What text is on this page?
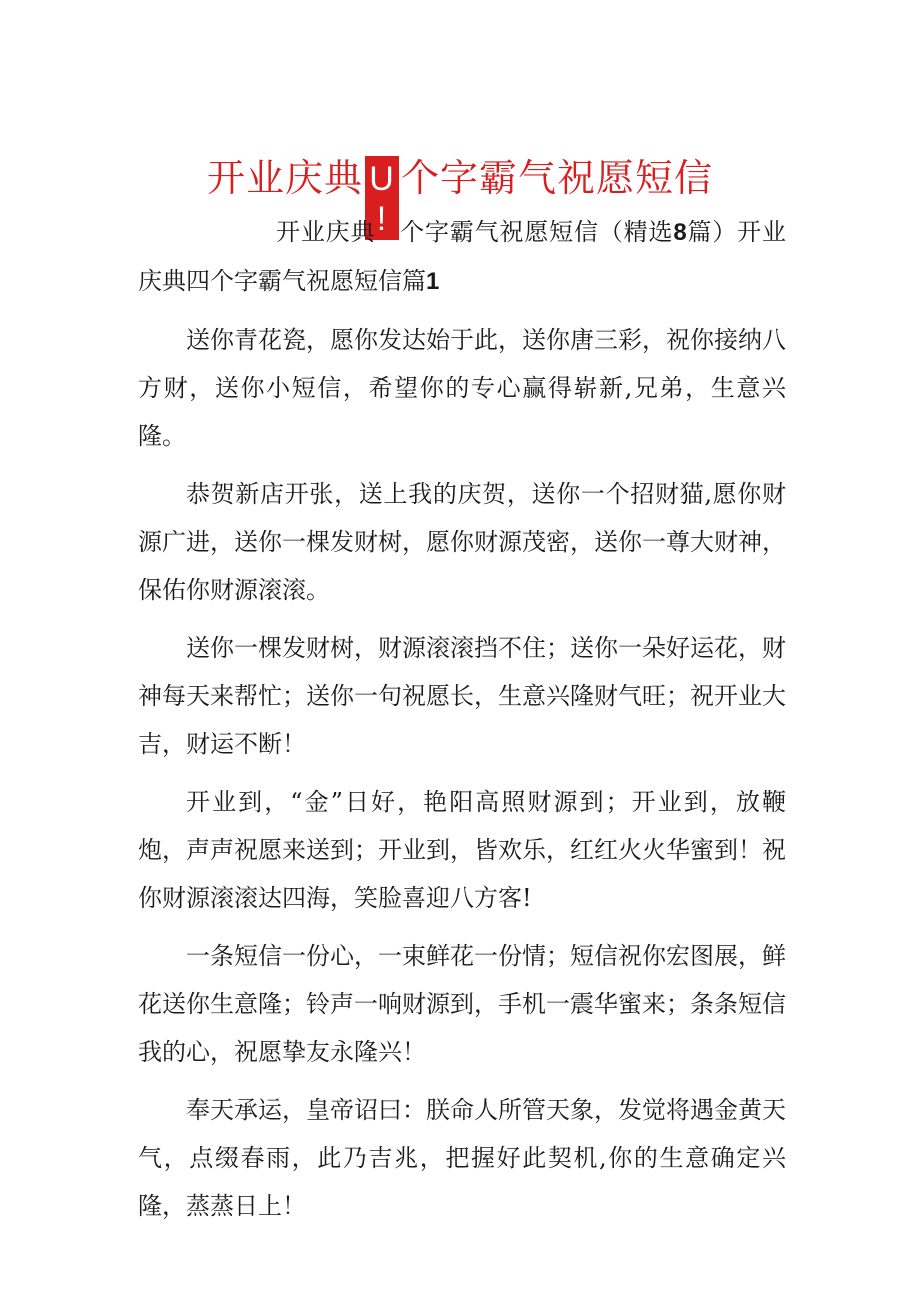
开业庆典 U
!
个字霸气祝愿短信

开业庆典 个字霸气祝愿短信（精选8篇）开业庆典四个字霸气祝愿短信篇1

送你青花瓷，愿你发达始于此，送你唐三彩，祝你接纳八方财，送你小短信，希望你的专心赢得崭新,兄弟，生意兴隆。

恭贺新店开张，送上我的庆贺，送你一个招财猫,愿你财源广进，送你一棵发财树，愿你财源茂密，送你一尊大财神，保佑你财源滚滚。

送你一棵发财树，财源滚滚挡不住；送你一朵好运花，财神每天来帮忙；送你一句祝愿长，生意兴隆财气旺；祝开业大吉，财运不断！

开业到，“金”日好，艳阳高照财源到；开业到，放鞭炮，声声祝愿来送到；开业到，皆欢乐，红红火火华蜜到！祝你财源滚滚达四海，笑脸喜迎八方客!

一条短信一份心，一束鲜花一份情；短信祝你宏图展，鲜花送你生意隆；铃声一响财源到，手机一震华蜜来；条条短信我的心，祝愿挚友永隆兴！

奉天承运，皇帝诏曰：朕命人所管天象，发觉将遇金黄天气，点缀春雨，此乃吉兆，把握好此契机,你的生意确定兴隆，蒸蒸日上！
